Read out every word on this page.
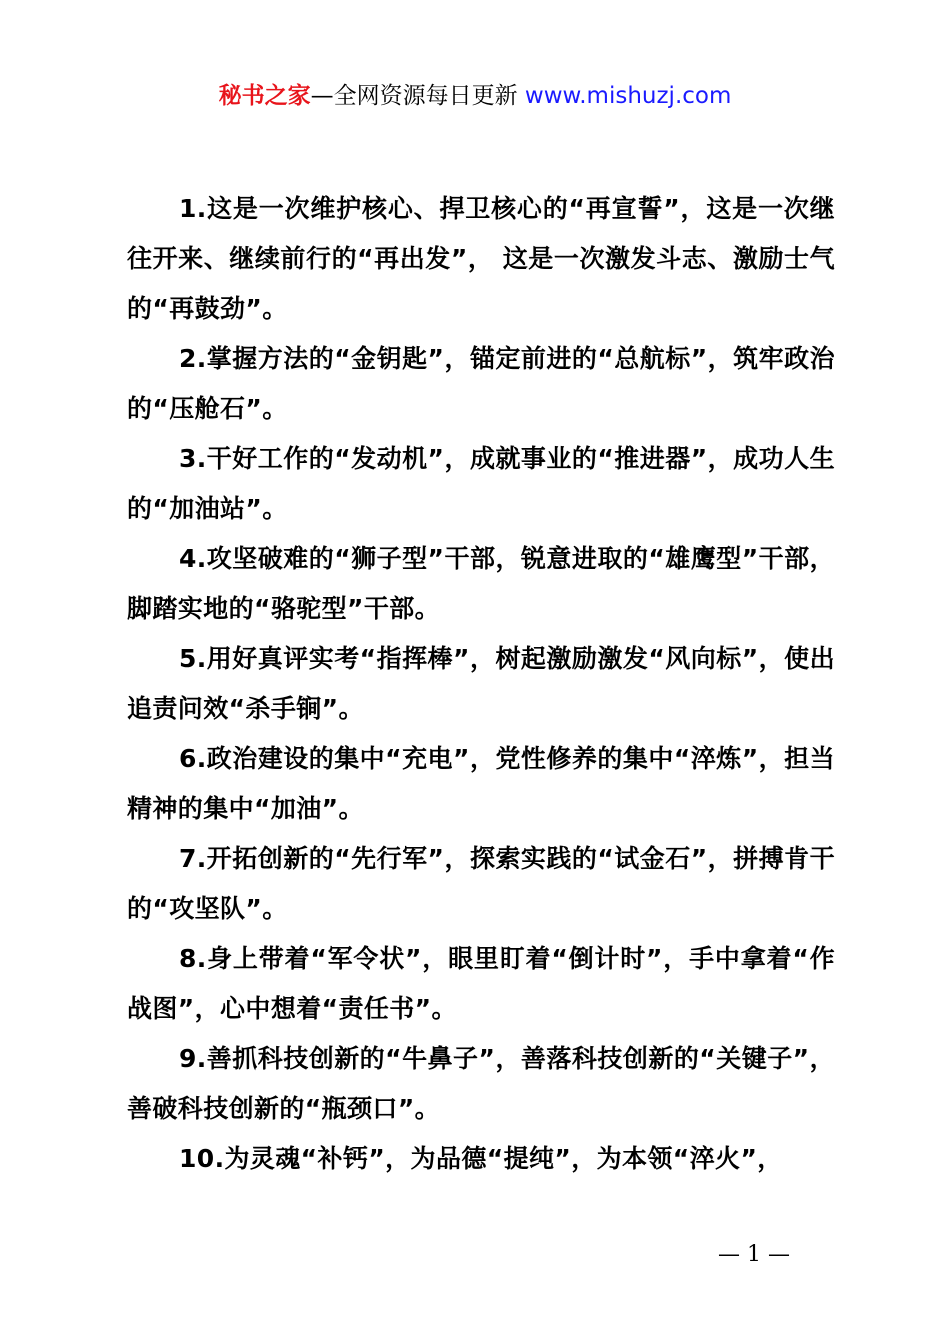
秘书之家—全网资源每日更新 www.mishuzj.com

1.这是一次维护核心、捍卫核心的“再宣誓”，这是一次继往开来、继续前行的“再出发”， 这是一次激发斗志、激励士气的“再鼓劲”。

2.掌握方法的“金钥匙”，锚定前进的“总航标”，筑牢政治的“压舱石”。

3.干好工作的“发动机”，成就事业的“推进器”，成功人生的“加油站”。

4.攻坚破难的“狮子型”干部，锐意进取的“雄鹰型”干部，脚踏实地的“骆驼型”干部。

5.用好真评实考“指挥棒”，树起激励激发“风向标”，使出追责问效“杀手锏”。

6.政治建设的集中“充电”，党性修养的集中“淬炼”，担当精神的集中“加油”。

7.开拓创新的“先行军”，探索实践的“试金石”，拼搏肯干的“攻坚队”。

8.身上带着“军令状”，眼里盯着“倒计时”，手中拿着“作战图”，心中想着“责任书”。

9.善抓科技创新的“牛鼻子”，善落科技创新的“关键子”，善破科技创新的“瓶颈口”。

10.为灵魂“补钙”，为品德“提纯”，为本领“淬火”，

— 1 —
